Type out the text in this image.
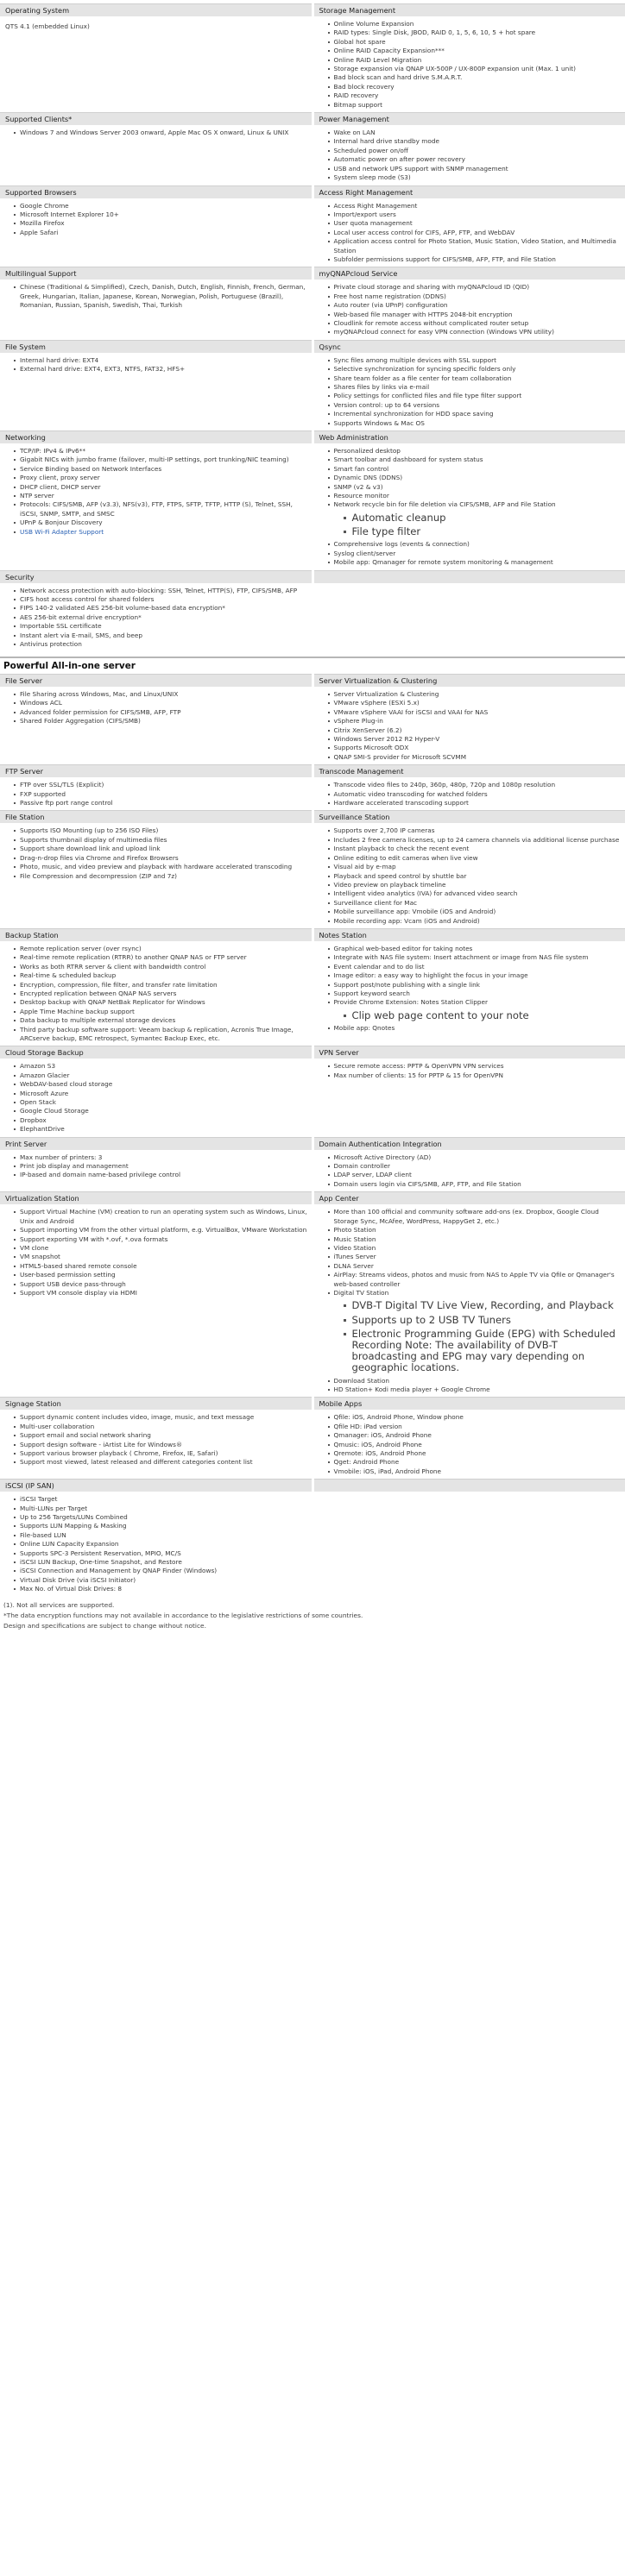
Operating System
QTS 4.1 (embedded Linux)
Storage Management
Online Volume Expansion
RAID types: Single Disk, JBOD, RAID 0, 1, 5, 6, 10, 5 + hot spare
Global hot spare
Online RAID Capacity Expansion***
Online RAID Level Migration
Storage expansion via QNAP UX-500P / UX-800P expansion unit (Max. 1 unit)
Bad block scan and hard drive S.M.A.R.T.
Bad block recovery
RAID recovery
Bitmap support
Supported Clients*
Windows 7 and Windows Server 2003 onward, Apple Mac OS X onward, Linux & UNIX
Power Management
Wake on LAN
Internal hard drive standby mode
Scheduled power on/off
Automatic power on after power recovery
USB and network UPS support with SNMP management
System sleep mode (S3)
Supported Browsers
Google Chrome
Microsoft Internet Explorer 10+
Mozilla Firefox
Apple Safari
Access Right Management
Access Right Management
Import/export users
User quota management
Local user access control for CIFS, AFP, FTP, and WebDAV
Application access control for Photo Station, Music Station, Video Station, and Multimedia Station
Subfolder permissions support for CIFS/SMB, AFP, FTP, and File Station
Multilingual Support
Chinese (Traditional & Simplified), Czech, Danish, Dutch, English, Finnish, French, German, Greek, Hungarian, Italian, Japanese, Korean, Norwegian, Polish, Portuguese (Brazil), Romanian, Russian, Spanish, Swedish, Thai, Turkish
myQNAPcloud Service
Private cloud storage and sharing with myQNAPcloud ID (QID)
Free host name registration (DDNS)
Auto router (via UPnP) configuration
Web-based file manager with HTTPS 2048-bit encryption
Cloudlink for remote access without complicated router setup
myQNAPcloud connect for easy VPN connection (Windows VPN utility)
File System
Internal hard drive: EXT4
External hard drive: EXT4, EXT3, NTFS, FAT32, HFS+
Qsync
Sync files among multiple devices with SSL support
Selective synchronization for syncing specific folders only
Share team folder as a file center for team collaboration
Shares files by links via e-mail
Policy settings for conflicted files and file type filter support
Version control: up to 64 versions
Incremental synchronization for HDD space saving
Supports Windows & Mac OS
Networking
TCP/IP: IPv4 & IPv6**
Gigabit NICs with jumbo frame (failover, multi-IP settings, port trunking/NIC teaming)
Service Binding based on Network Interfaces
Proxy client, proxy server
DHCP client, DHCP server
NTP server
Protocols: CIFS/SMB, AFP (v3.3), NFS(v3), FTP, FTPS, SFTP, TFTP, HTTP (S), Telnet, SSH, iSCSI, SNMP, SMTP, and SMSC
UPnP & Bonjour Discovery
USB Wi-Fi Adapter Support
Web Administration
Personalized desktop
Smart toolbar and dashboard for system status
Smart fan control
Dynamic DNS (DDNS)
SNMP (v2 & v3)
Resource monitor
Network recycle bin for file deletion via CIFS/SMB, AFP and File Station
Automatic cleanup
File type filter
Comprehensive logs (events & connection)
Syslog client/server
Mobile app: Qmanager for remote system monitoring & management
Security
Network access protection with auto-blocking: SSH, Telnet, HTTP(S), FTP, CIFS/SMB, AFP
CIFS host access control for shared folders
FIPS 140-2 validated AES 256-bit volume-based data encryption*
AES 256-bit external drive encryption*
Importable SSL certificate
Instant alert via E-mail, SMS, and beep
Antivirus protection
Powerful All-in-one server
File Server
File Sharing across Windows, Mac, and Linux/UNIX
Windows ACL
Advanced folder permission for CIFS/SMB, AFP, FTP
Shared Folder Aggregation (CIFS/SMB)
Server Virtualization & Clustering
Server Virtualization & Clustering
VMware vSphere (ESXi 5.x)
VMware vSphere VAAI for iSCSI and VAAI for NAS
vSphere Plug-in
Citrix XenServer (6.2)
Windows Server 2012 R2 Hyper-V
Supports Microsoft ODX
QNAP SMI-S provider for Microsoft SCVMM
FTP Server
FTP over SSL/TLS (Explicit)
FXP supported
Passive ftp port range control
Transcode Management
Transcode video files to 240p, 360p, 480p, 720p and 1080p resolution
Automatic video transcoding for watched folders
Hardware accelerated transcoding support
File Station
Supports ISO Mounting (up to 256 ISO Files)
Supports thumbnail display of multimedia files
Support share download link and upload link
Drag-n-drop files via Chrome and Firefox Browsers
Photo, music, and video preview and playback with hardware accelerated transcoding
File Compression and decompression (ZIP and 7z)
Surveillance Station
Supports over 2,700 IP cameras
Includes 2 free camera licenses, up to 24 camera channels via additional license purchase
Instant playback to check the recent event
Online editing to edit cameras when live view
Visual aid by e-map
Playback and speed control by shuttle bar
Video preview on playback timeline
Intelligent video analytics (IVA) for advanced video search
Surveillance client for Mac
Mobile surveillance app: Vmobile (iOS and Android)
Mobile recording app: Vcam (iOS and Android)
Backup Station
Remote replication server (over rsync)
Real-time remote replication (RTRR) to another QNAP NAS or FTP server
Works as both RTRR server & client with bandwidth control
Real-time & scheduled backup
Encryption, compression, file filter, and transfer rate limitation
Encrypted replication between QNAP NAS servers
Desktop backup with QNAP NetBak Replicator for Windows
Apple Time Machine backup support
Data backup to multiple external storage devices
Third party backup software support: Veeam backup & replication, Acronis True Image, ARCserve backup, EMC retrospect, Symantec Backup Exec, etc.
Notes Station
Graphical web-based editor for taking notes
Integrate with NAS file system: Insert attachment or image from NAS file system
Event calendar and to do list
Image editor: a easy way to highlight the focus in your image
Support post/note publishing with a single link
Support keyword search
Provide Chrome Extension: Notes Station Clipper
Clip web page content to your note
Mobile app: Qnotes
Cloud Storage Backup
Amazon S3
Amazon Glacier
WebDAV-based cloud storage
Microsoft Azure
Open Stack
Google Cloud Storage
Dropbox
ElephantDrive
VPN Server
Secure remote access: PPTP & OpenVPN VPN services
Max number of clients: 15 for PPTP & 15 for OpenVPN
Print Server
Max number of printers: 3
Print job display and management
IP-based and domain name-based privilege control
Domain Authentication Integration
Microsoft Active Directory (AD)
Domain controller
LDAP server, LDAP client
Domain users login via CIFS/SMB, AFP, FTP, and File Station
Virtualization Station
Support Virtual Machine (VM) creation to run an operating system such as Windows, Linux, Unix and Android
Support importing VM from the other virtual platform, e.g. VirtualBox, VMware Workstation
Support exporting VM with *.ovf, *.ova formats
VM clone
VM snapshot
HTML5-based shared remote console
User-based permission setting
Support USB device pass-through
Support VM console display via HDMI
App Center
More than 100 official and community software add-ons (ex. Dropbox, Google Cloud Storage Sync, McAfee, WordPress, HappyGet 2, etc.)
Photo Station
Music Station
Video Station
iTunes Server
DLNA Server
AirPlay: Streams videos, photos and music from NAS to Apple TV via Qfile or Qmanager's web-based controller
Digital TV Station
DVB-T Digital TV Live View, Recording, and Playback
Supports up to 2 USB TV Tuners
Electronic Programming Guide (EPG) with Scheduled Recording Note: The availability of DVB-T broadcasting and EPG may vary depending on geographic locations.
Download Station
HD Station+ Kodi media player + Google Chrome
Signage Station
Support dynamic content includes video, image, music, and text message
Multi-user collaboration
Support email and social network sharing
Support design software - iArtist Lite for Windows®
Support various browser playback ( Chrome, Firefox, IE, Safari)
Support most viewed, latest released and different categories content list
Mobile Apps
Qfile: iOS, Android Phone, Window phone
Qfile HD: iPad version
Qmanager: iOS, Android Phone
Qmusic: iOS, Android Phone
Qremote: iOS, Android Phone
Qget: Android Phone
Vmobile: iOS, iPad, Android Phone
iSCSI (IP SAN)
iSCSI Target
Multi-LUNs per Target
Up to 256 Targets/LUNs Combined
Supports LUN Mapping & Masking
File-based LUN
Online LUN Capacity Expansion
Supports SPC-3 Persistent Reservation, MPIO, MC/S
iSCSI LUN Backup, One-time Snapshot, and Restore
iSCSI Connection and Management by QNAP Finder (Windows)
Virtual Disk Drive (via iSCSI Initiator)
Max No. of Virtual Disk Drives: 8
(1). Not all services are supported.
*The data encryption functions may not available in accordance to the legislative restrictions of some countries.
Design and specifications are subject to change without notice.
